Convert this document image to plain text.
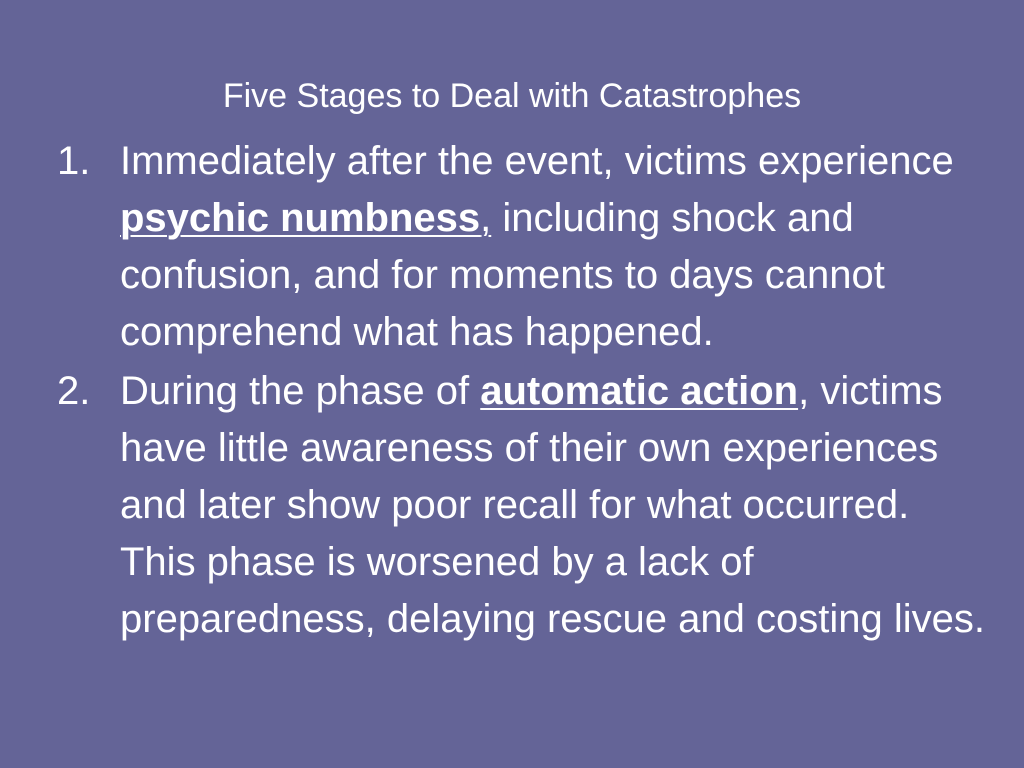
Five Stages to Deal with Catastrophes
1. Immediately after the event, victims experience psychic numbness, including shock and confusion, and for moments to days cannot comprehend what has happened.
2. During the phase of automatic action, victims have little awareness of their own experiences and later show poor recall for what occurred. This phase is worsened by a lack of preparedness, delaying rescue and costing lives.
